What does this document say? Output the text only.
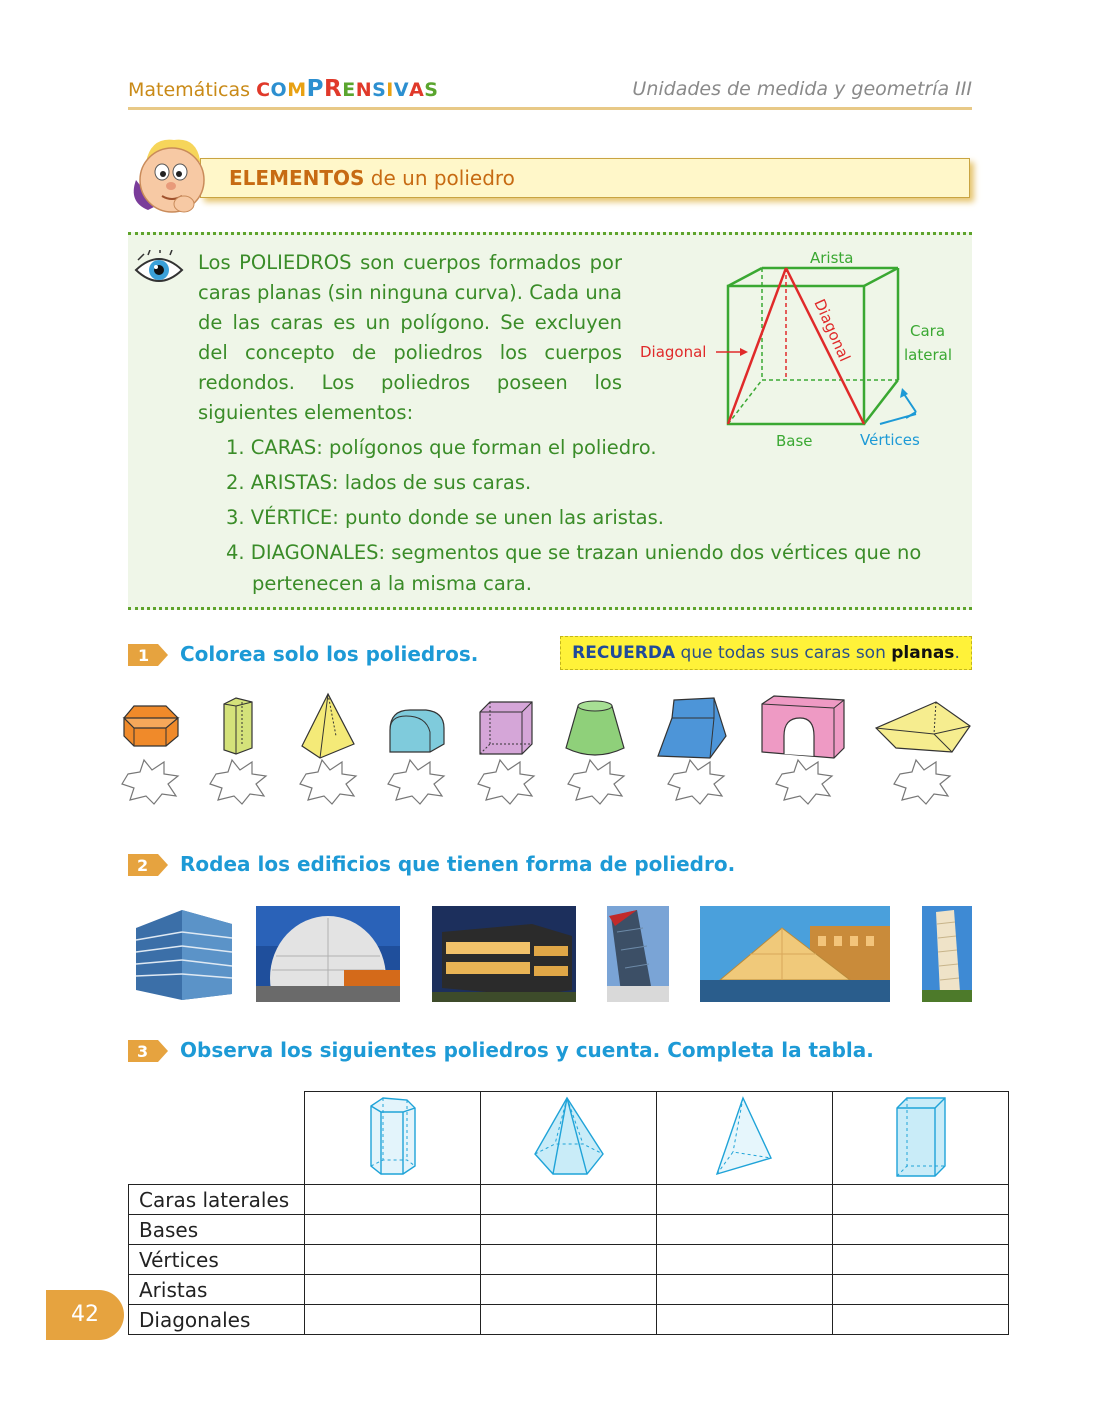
Matemáticas COMPRENSIVAS	Unidades de medida y geometría III
ELEMENTOS de un poliedro
Los POLIEDROS son cuerpos formados por caras planas (sin ninguna curva). Cada una de las caras es un polígono. Se excluyen del concepto de poliedros los cuerpos redondos. Los poliedros poseen los siguientes elementos:
1. CARAS: polígonos que forman el poliedro.
2. ARISTAS: lados de sus caras.
3. VÉRTICE: punto donde se unen las aristas.
4. DIAGONALES: segmentos que se trazan uniendo dos vértices que no
pertenecen a la misma cara.
Arista
Diagonal	Diagonal	Cara
lateral
Base	Vértices
1 Colorea solo los poliedros.	RECUERDA que todas sus caras son planas.
2 Rodea los edificios que tienen forma de poliedro.
3 Observa los siguientes poliedros y cuenta. Completa la tabla.

Caras laterales				
Bases				
Vértices				
Aristas				
Diagonales				
42
